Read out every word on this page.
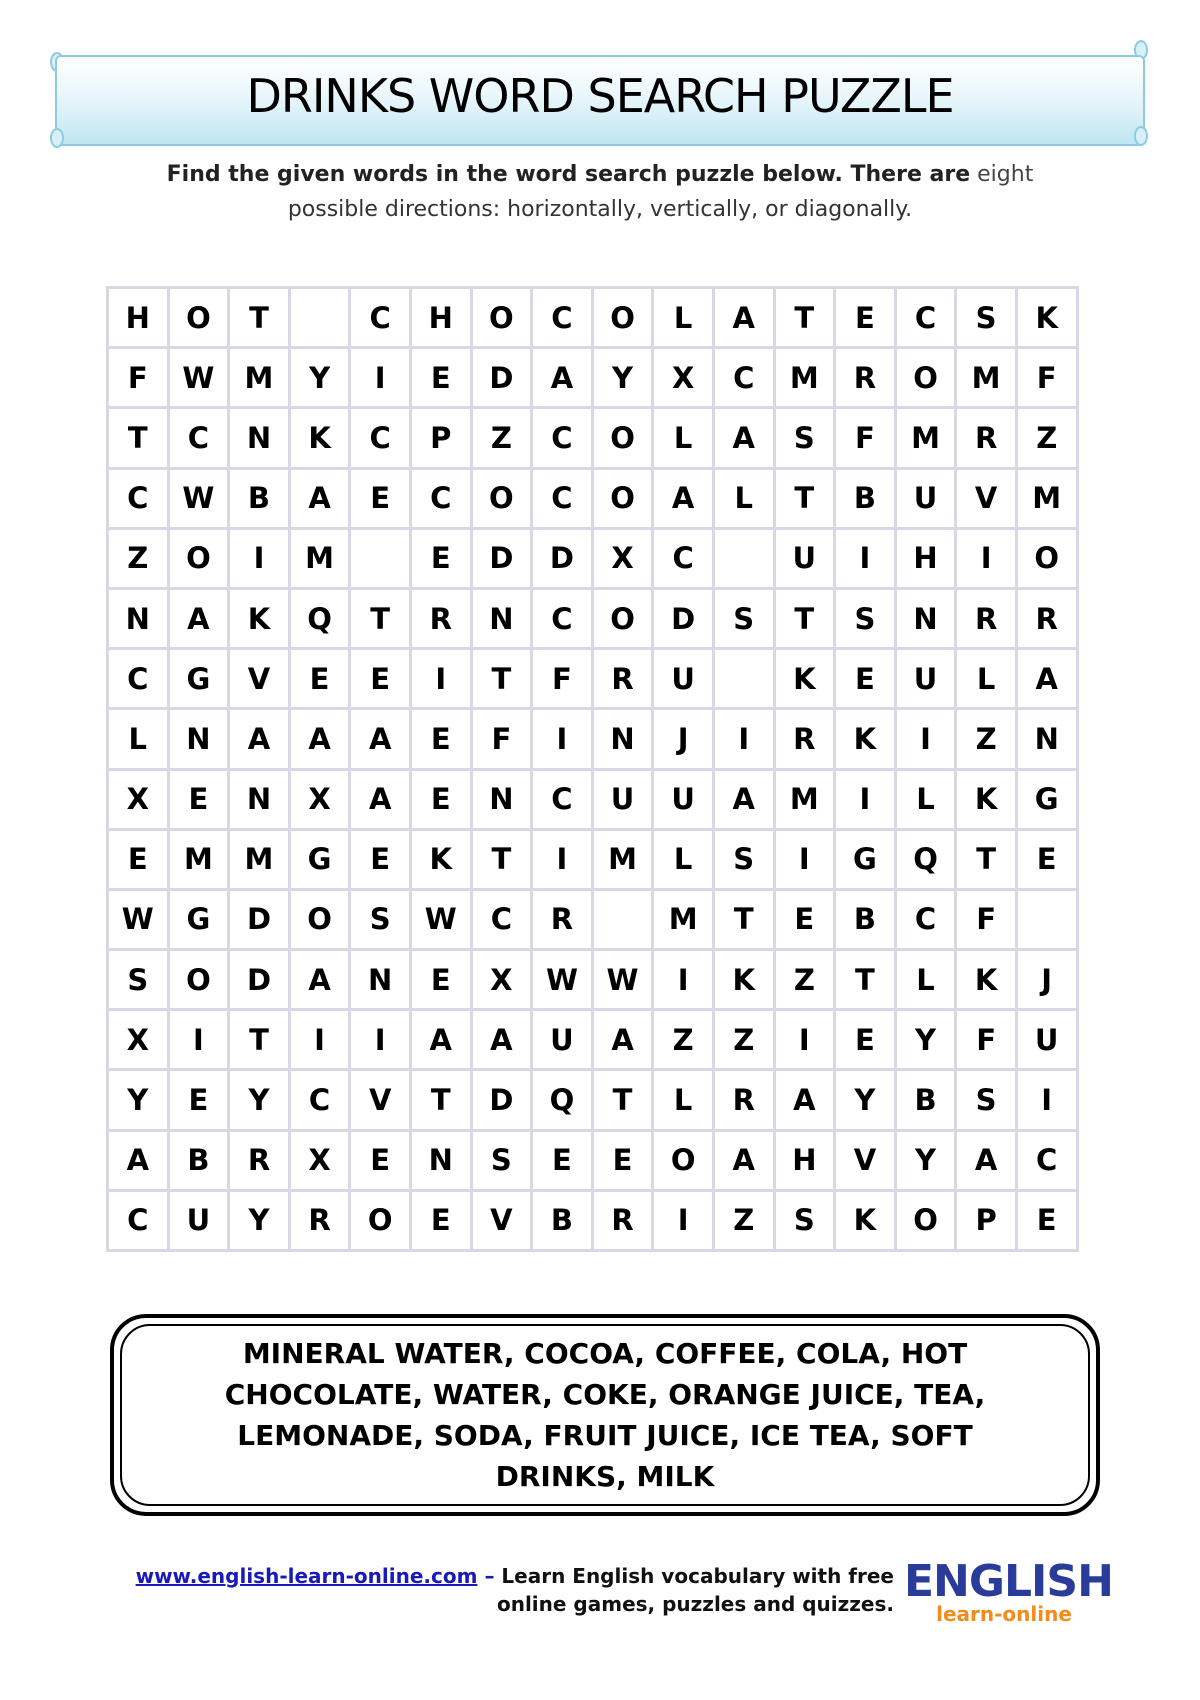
DRINKS WORD SEARCH PUZZLE
Find the given words in the word search puzzle below. There are eight
possible directions: horizontally, vertically, or diagonally.
H	O	T		C	H	O	C	O	L	A	T	E	C	S	K
F	W	M	Y	I	E	D	A	Y	X	C	M	R	O	M	F
T	C	N	K	C	P	Z	C	O	L	A	S	F	M	R	Z
C	W	B	A	E	C	O	C	O	A	L	T	B	U	V	M
Z	O	I	M		E	D	D	X	C		U	I	H	I	O
N	A	K	Q	T	R	N	C	O	D	S	T	S	N	R	R
C	G	V	E	E	I	T	F	R	U		K	E	U	L	A
L	N	A	A	A	E	F	I	N	J	I	R	K	I	Z	N
X	E	N	X	A	E	N	C	U	U	A	M	I	L	K	G
E	M	M	G	E	K	T	I	M	L	S	I	G	Q	T	E
W	G	D	O	S	W	C	R		M	T	E	B	C	F	
S	O	D	A	N	E	X	W	W	I	K	Z	T	L	K	J
X	I	T	I	I	A	A	U	A	Z	Z	I	E	Y	F	U
Y	E	Y	C	V	T	D	Q	T	L	R	A	Y	B	S	I
A	B	R	X	E	N	S	E	E	O	A	H	V	Y	A	C
C	U	Y	R	O	E	V	B	R	I	Z	S	K	O	P	E
MINERAL WATER, COCOA, COFFEE, COLA, HOT
CHOCOLATE, WATER, COKE, ORANGE JUICE, TEA,
LEMONADE, SODA, FRUIT JUICE, ICE TEA, SOFT
DRINKS, MILK
www.english-learn-online.com – Learn English vocabulary with free
online games, puzzles and quizzes. ENGLISH
learn-online
